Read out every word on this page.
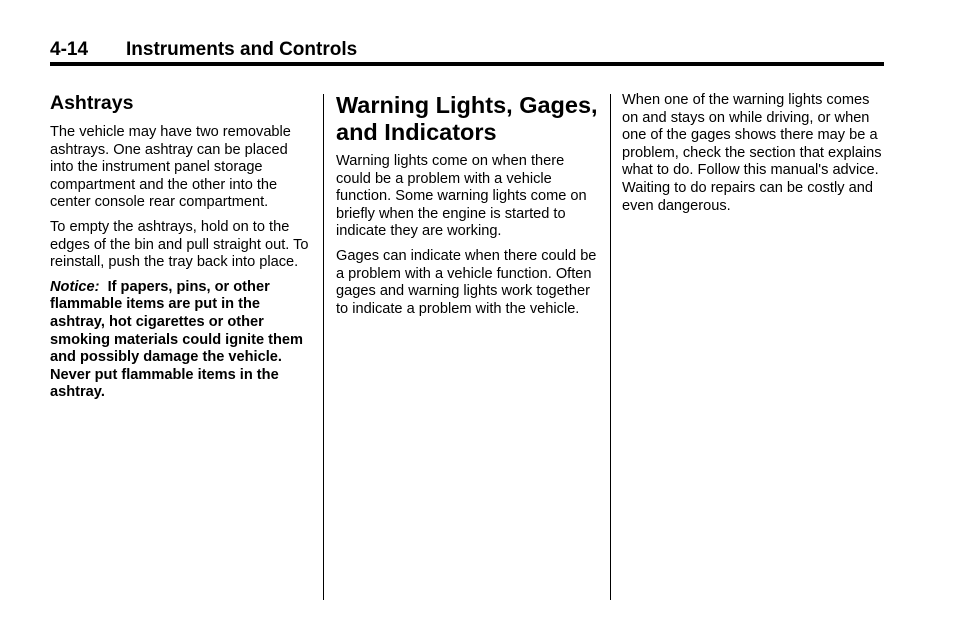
4-14 Instruments and Controls
Ashtrays

The vehicle may have two removable ashtrays. One ashtray can be placed into the instrument panel storage compartment and the other into the center console rear compartment.

To empty the ashtrays, hold on to the edges of the bin and pull straight out. To reinstall, push the tray back into place.

Notice: If papers, pins, or other flammable items are put in the ashtray, hot cigarettes or other smoking materials could ignite them and possibly damage the vehicle. Never put flammable items in the ashtray.

Warning Lights, Gages, and Indicators

Warning lights come on when there could be a problem with a vehicle function. Some warning lights come on briefly when the engine is started to indicate they are working.

Gages can indicate when there could be a problem with a vehicle function. Often gages and warning lights work together to indicate a problem with the vehicle.

When one of the warning lights comes on and stays on while driving, or when one of the gages shows there may be a problem, check the section that explains what to do. Follow this manual's advice. Waiting to do repairs can be costly and even dangerous.
